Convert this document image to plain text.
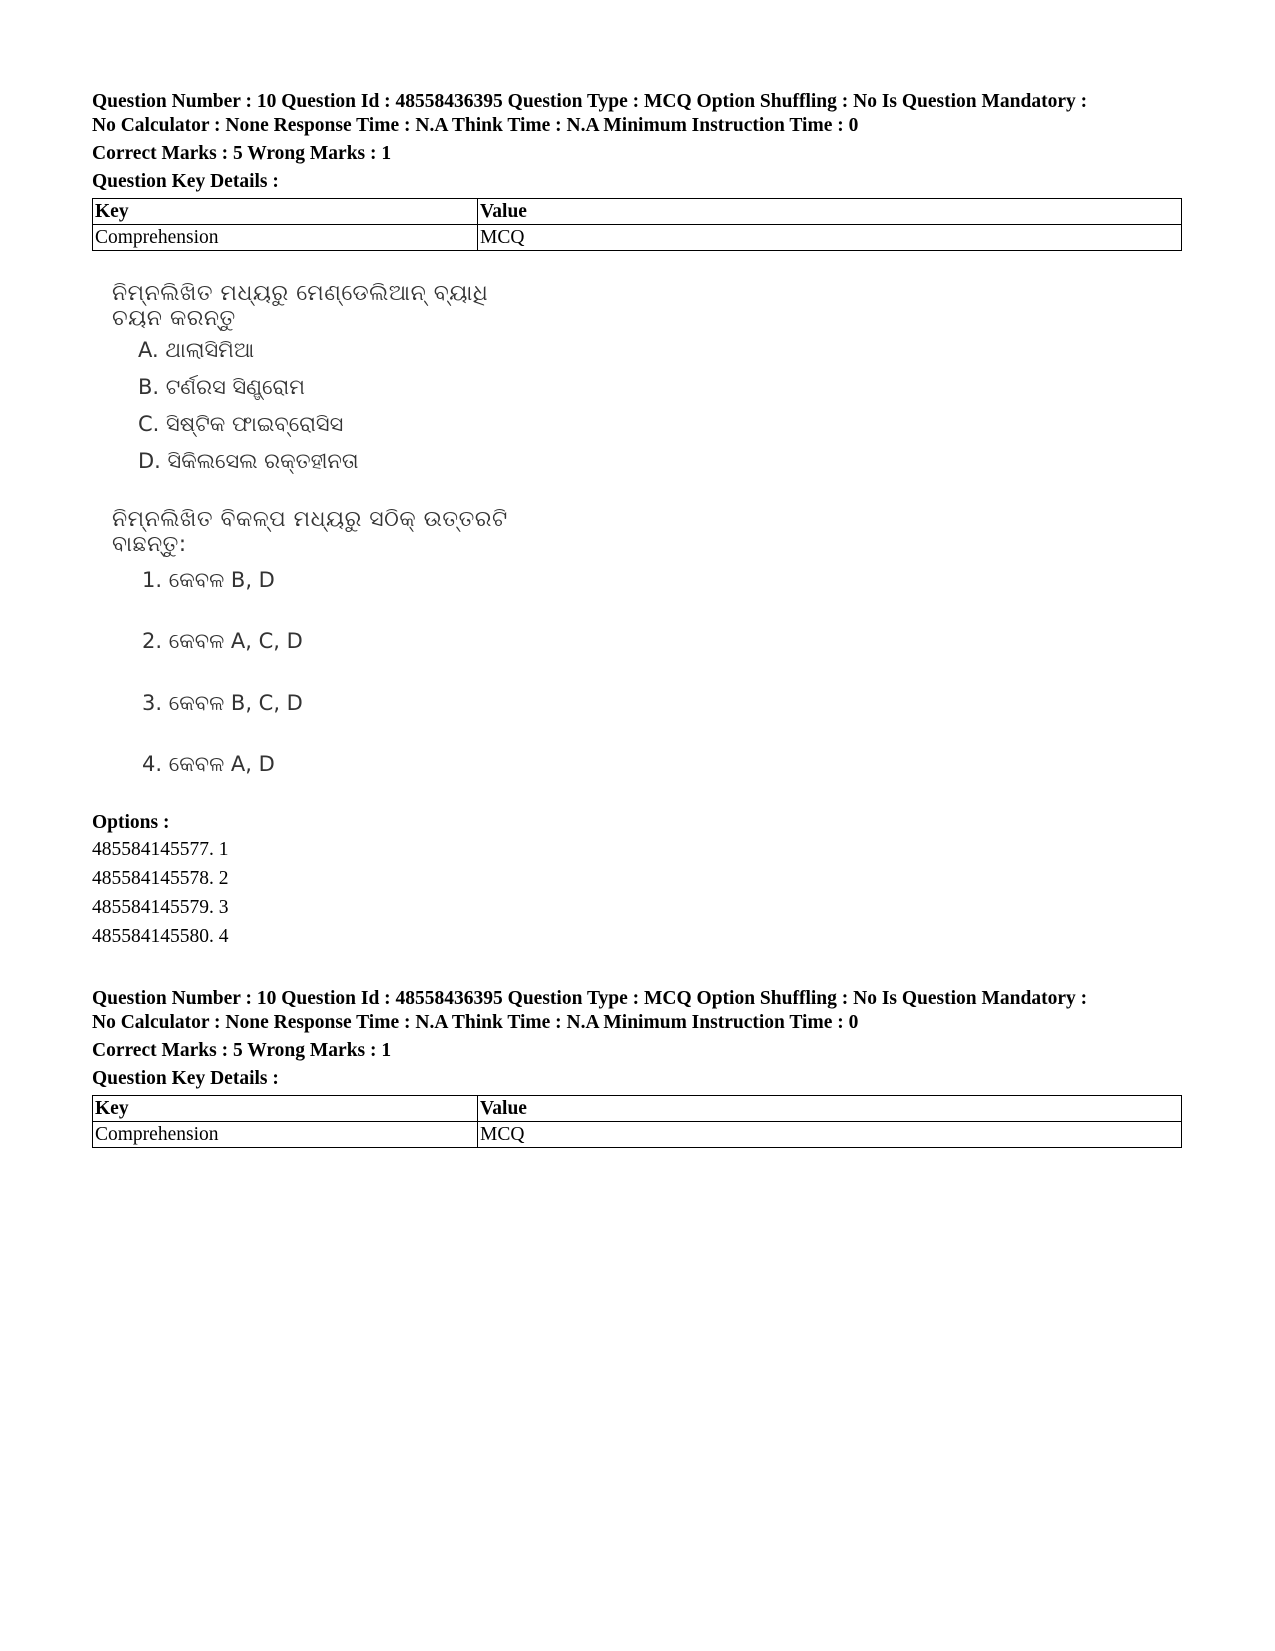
Question Number : 10 Question Id : 48558436395 Question Type : MCQ Option Shuffling : No Is Question Mandatory :
No Calculator : None Response Time : N.A Think Time : N.A Minimum Instruction Time : 0
Correct Marks : 5 Wrong Marks : 1
Question Key Details :
Key	Value
Comprehension	MCQ
ନିମ୍ନଲିଖିତ ମଧ୍ୟରୁ ମେଣ୍ଡେଲିଆନ୍ ବ୍ୟାଧି ଚୟନ କରନ୍ତୁ
A. ଥାଲାସିମିଆ
B. ଟର୍ଣରସ ସିଣ୍ଡ୍ରୋମ
C. ସିଷ୍ଟିକ ଫାଇବ୍ରୋସିସ
D. ସିକିଲସେଲ ରକ୍ତହୀନତା
ନିମ୍ନଲିଖିତ ବିକଳ୍ପ ମଧ୍ୟରୁ ସଠିକ୍ ଉତ୍ତରଟି ବାଛନ୍ତୁ:
1. କେବଳ B, D
2. କେବଳ A, C, D
3. କେବଳ B, C, D
4. କେବଳ A, D
Options :
485584145577. 1
485584145578. 2
485584145579. 3
485584145580. 4
Question Number : 10 Question Id : 48558436395 Question Type : MCQ Option Shuffling : No Is Question Mandatory :
No Calculator : None Response Time : N.A Think Time : N.A Minimum Instruction Time : 0
Correct Marks : 5 Wrong Marks : 1
Question Key Details :
Key	Value
Comprehension	MCQ
